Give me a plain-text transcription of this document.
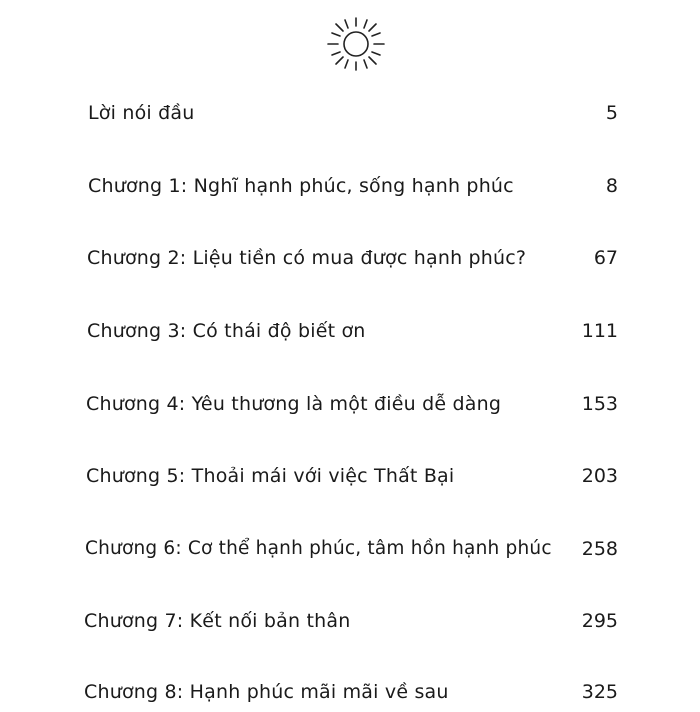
Lời nói đầu	5
Chương 1: Nghĩ hạnh phúc, sống hạnh phúc	8
Chương 2: Liệu tiền có mua được hạnh phúc?	67
Chương 3: Có thái độ biết ơn	111
Chương 4: Yêu thương là một điều dễ dàng	153
Chương 5: Thoải mái với việc Thất Bại	203
Chương 6: Cơ thể hạnh phúc, tâm hồn hạnh phúc 258
Chương 7: Kết nối bản thân	295
Chương 8: Hạnh phúc mãi mãi về sau	325
